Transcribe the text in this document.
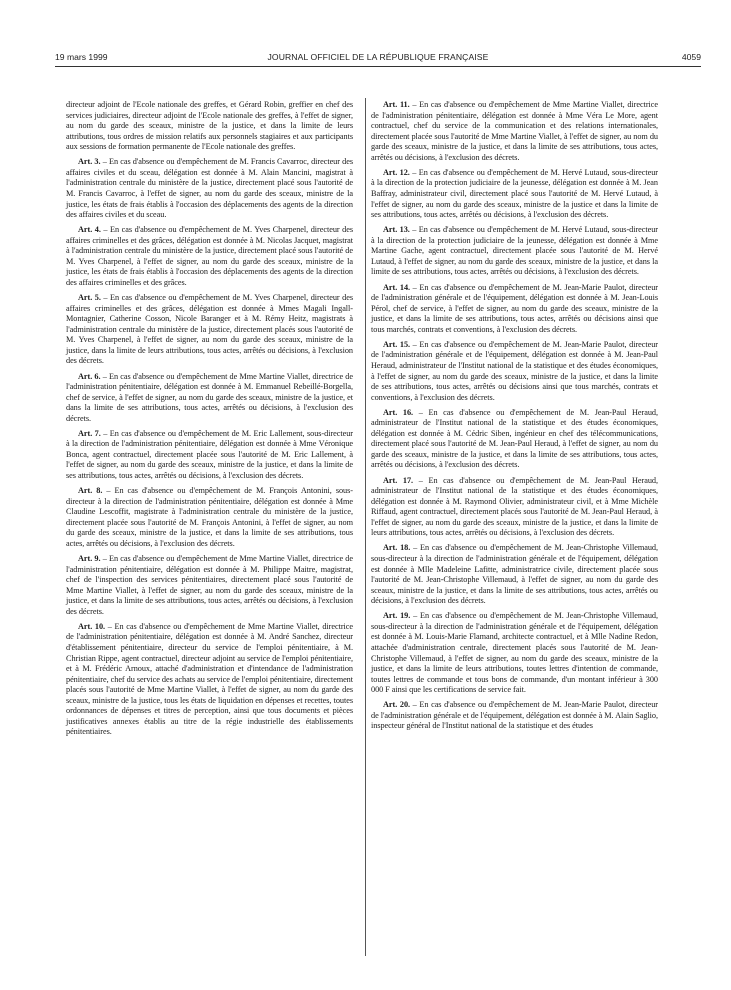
19 mars 1999	JOURNAL OFFICIEL DE LA RÉPUBLIQUE FRANÇAISE	4059

directeur adjoint de l'Ecole nationale des greffes, et Gérard Robin, greffier en chef des services judiciaires, directeur adjoint de l'Ecole nationale des greffes, à l'effet de signer, au nom du garde des sceaux, ministre de la justice, et dans la limite de leurs attributions, tous ordres de mission relatifs aux personnels stagiaires et aux participants aux sessions de formation permanente de l'Ecole nationale des greffes.

Art. 3. – En cas d'absence ou d'empêchement de M. Francis Cavarroc, directeur des affaires civiles et du sceau, délégation est donnée à M. Alain Mancini, magistrat à l'administration centrale du ministère de la justice, directement placé sous l'autorité de M. Francis Cavarroc, à l'effet de signer, au nom du garde des sceaux, ministre de la justice, les états de frais établis à l'occasion des déplacements des agents de la direction des affaires civiles et du sceau.

Art. 4. – En cas d'absence ou d'empêchement de M. Yves Charpenel, directeur des affaires criminelles et des grâces, délégation est donnée à M. Nicolas Jacquet, magistrat à l'administration centrale du ministère de la justice, directement placé sous l'autorité de M. Yves Charpenel, à l'effet de signer, au nom du garde des sceaux, ministre de la justice, les états de frais établis à l'occasion des déplacements des agents de la direction des affaires criminelles et des grâces.

Art. 5. – En cas d'absence ou d'empêchement de M. Yves Charpenel, directeur des affaires criminelles et des grâces, délégation est donnée à Mmes Magali Ingall-Montagnier, Catherine Cosson, Nicole Baranger et à M. Rémy Heitz, magistrats à l'administration centrale du ministère de la justice, directement placés sous l'autorité de M. Yves Charpenel, à l'effet de signer, au nom du garde des sceaux, ministre de la justice, dans la limite de leurs attributions, tous actes, arrêtés ou décisions, à l'exclusion des décrets.

Art. 6. – En cas d'absence ou d'empêchement de Mme Martine Viallet, directrice de l'administration pénitentiaire, délégation est donnée à M. Emmanuel Rebeillé-Borgella, chef de service, à l'effet de signer, au nom du garde des sceaux, ministre de la justice, et dans la limite de ses attributions, tous actes, arrêtés ou décisions, à l'exclusion des décrets.

Art. 7. – En cas d'absence ou d'empêchement de M. Eric Lallement, sous-directeur à la direction de l'administration pénitentiaire, délégation est donnée à Mme Véronique Bonca, agent contractuel, directement placée sous l'autorité de M. Eric Lallement, à l'effet de signer, au nom du garde des sceaux, ministre de la justice, et dans la limite de ses attributions, tous actes, arrêtés ou décisions, à l'exclusion des décrets.

Art. 8. – En cas d'absence ou d'empêchement de M. François Antonini, sous-directeur à la direction de l'administration pénitentiaire, délégation est donnée à Mme Claudine Lescoffit, magistrate à l'administration centrale du ministère de la justice, directement placée sous l'autorité de M. François Antonini, à l'effet de signer, au nom du garde des sceaux, ministre de la justice, et dans la limite de ses attributions, tous actes, arrêtés ou décisions, à l'exclusion des décrets.

Art. 9. – En cas d'absence ou d'empêchement de Mme Martine Viallet, directrice de l'administration pénitentiaire, délégation est donnée à M. Philippe Maitre, magistrat, chef de l'inspection des services pénitentiaires, directement placé sous l'autorité de Mme Martine Viallet, à l'effet de signer, au nom du garde des sceaux, ministre de la justice, et dans la limite de ses attributions, tous actes, arrêtés ou décisions, à l'exclusion des décrets.

Art. 10. – En cas d'absence ou d'empêchement de Mme Martine Viallet, directrice de l'administration pénitentiaire, délégation est donnée à M. André Sanchez, directeur d'établissement pénitentiaire, directeur du service de l'emploi pénitentiaire, à M. Christian Rippe, agent contractuel, directeur adjoint au service de l'emploi pénitentiaire, et à M. Frédéric Arnoux, attaché d'administration et d'intendance de l'administration pénitentiaire, chef du service des achats au service de l'emploi pénitentiaire, directement placés sous l'autorité de Mme Martine Viallet, à l'effet de signer, au nom du garde des sceaux, ministre de la justice, tous les états de liquidation en dépenses et recettes, toutes ordonnances de dépenses et titres de perception, ainsi que tous documents et pièces justificatives annexes établis au titre de la régie industrielle des établissements pénitentiaires.

Art. 11. – En cas d'absence ou d'empêchement de Mme Martine Viallet, directrice de l'administration pénitentiaire, délégation est donnée à Mme Véra Le More, agent contractuel, chef du service de la communication et des relations internationales, directement placée sous l'autorité de Mme Martine Viallet, à l'effet de signer, au nom du garde des sceaux, ministre de la justice, et dans la limite de ses attributions, tous actes, arrêtés ou décisions, à l'exclusion des décrets.

Art. 12. – En cas d'absence ou d'empêchement de M. Hervé Lutaud, sous-directeur à la direction de la protection judiciaire de la jeunesse, délégation est donnée à M. Jean Baffray, administrateur civil, directement placé sous l'autorité de M. Hervé Lutaud, à l'effet de signer, au nom du garde des sceaux, ministre de la justice et dans la limite de ses attributions, tous actes, arrêtés ou décisions, à l'exclusion des décrets.

Art. 13. – En cas d'absence ou d'empêchement de M. Hervé Lutaud, sous-directeur à la direction de la protection judiciaire de la jeunesse, délégation est donnée à Mme Martine Gache, agent contractuel, directement placée sous l'autorité de M. Hervé Lutaud, à l'effet de signer, au nom du garde des sceaux, ministre de la justice, et dans la limite de ses attributions, tous actes, arrêtés ou décisions, à l'exclusion des décrets.

Art. 14. – En cas d'absence ou d'empêchement de M. Jean-Marie Paulot, directeur de l'administration générale et de l'équipement, délégation est donnée à M. Jean-Louis Pérol, chef de service, à l'effet de signer, au nom du garde des sceaux, ministre de la justice, et dans la limite de ses attributions, tous actes, arrêtés ou décisions ainsi que tous marchés, contrats et conventions, à l'exclusion des décrets.

Art. 15. – En cas d'absence ou d'empêchement de M. Jean-Marie Paulot, directeur de l'administration générale et de l'équipement, délégation est donnée à M. Jean-Paul Heraud, administrateur de l'Institut national de la statistique et des études économiques, à l'effet de signer, au nom du garde des sceaux, ministre de la justice, et dans la limite de ses attributions, tous actes, arrêtés ou décisions ainsi que tous marchés, contrats et conventions, à l'exclusion des décrets.

Art. 16. – En cas d'absence ou d'empêchement de M. Jean-Paul Heraud, administrateur de l'Institut national de la statistique et des études économiques, délégation est donnée à M. Cédric Siben, ingénieur en chef des télécommunications, directement placé sous l'autorité de M. Jean-Paul Heraud, à l'effet de signer, au nom du garde des sceaux, ministre de la justice, et dans la limite de ses attributions, tous actes, arrêtés ou décisions, à l'exclusion des décrets.

Art. 17. – En cas d'absence ou d'empêchement de M. Jean-Paul Heraud, administrateur de l'Institut national de la statistique et des études économiques, délégation est donnée à M. Raymond Olivier, administrateur civil, et à Mme Michèle Riffaud, agent contractuel, directement placés sous l'autorité de M. Jean-Paul Heraud, à l'effet de signer, au nom du garde des sceaux, ministre de la justice, et dans la limite de leurs attributions, tous actes, arrêtés ou décisions, à l'exclusion des décrets.

Art. 18. – En cas d'absence ou d'empêchement de M. Jean-Christophe Villemaud, sous-directeur à la direction de l'administration générale et de l'équipement, délégation est donnée à Mlle Madeleine Lafitte, administratrice civile, directement placée sous l'autorité de M. Jean-Christophe Villemaud, à l'effet de signer, au nom du garde des sceaux, ministre de la justice, et dans la limite de ses attributions, tous actes, arrêtés ou décisions, à l'exclusion des décrets.

Art. 19. – En cas d'absence ou d'empêchement de M. Jean-Christophe Villemaud, sous-directeur à la direction de l'administration générale et de l'équipement, délégation est donnée à M. Louis-Marie Flamand, architecte contractuel, et à Mlle Nadine Redon, attachée d'administration centrale, directement placés sous l'autorité de M. Jean-Christophe Villemaud, à l'effet de signer, au nom du garde des sceaux, ministre de la justice, et dans la limite de leurs attributions, toutes lettres d'intention de commande, toutes lettres de commande et tous bons de commande, d'un montant inférieur à 300 000 F ainsi que les certifications de service fait.

Art. 20. – En cas d'absence ou d'empêchement de M. Jean-Marie Paulot, directeur de l'administration générale et de l'équipement, délégation est donnée à M. Alain Saglio, inspecteur général de l'Institut national de la statistique et des études
